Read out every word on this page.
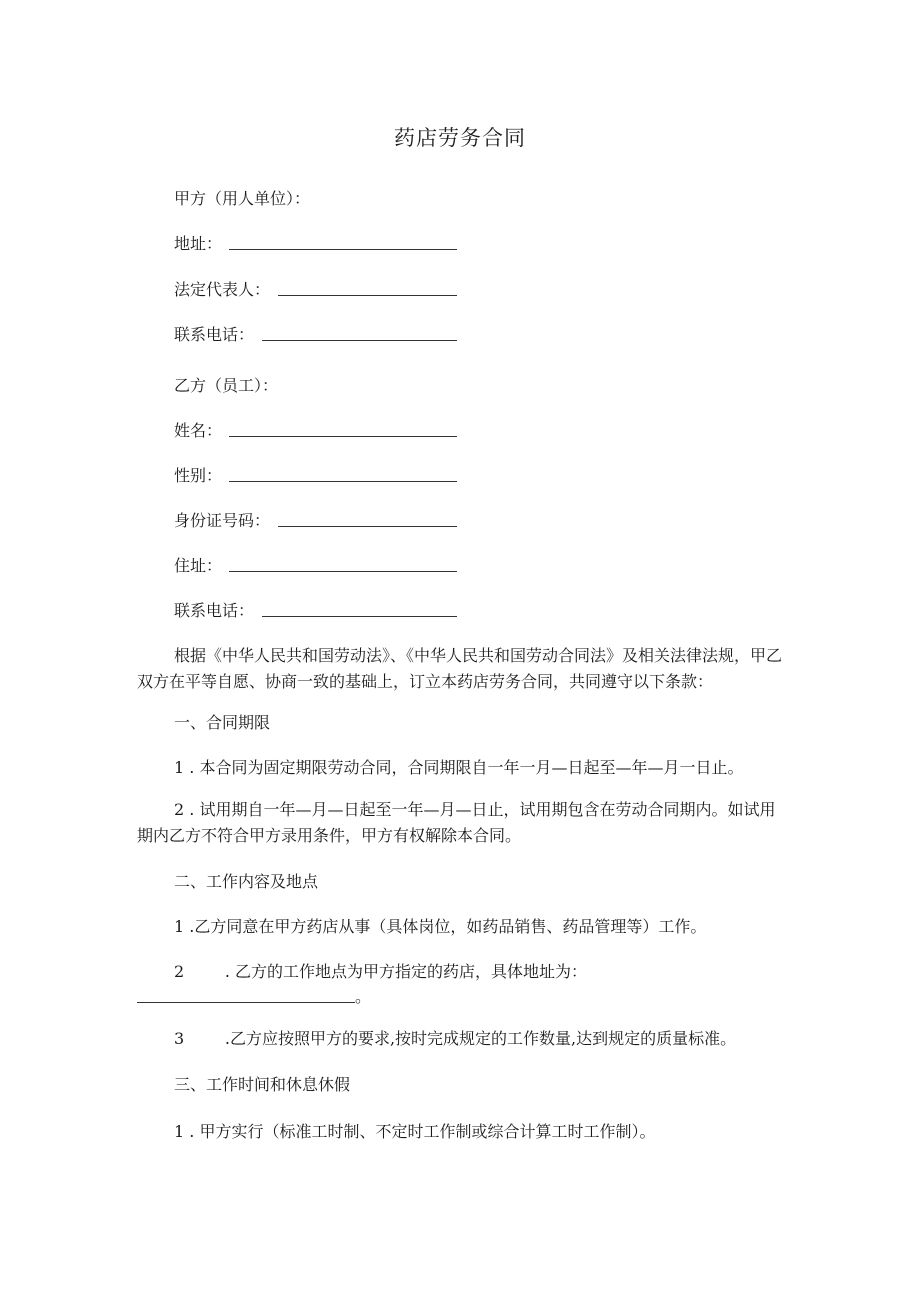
药店劳务合同
甲方（用人单位）：
地址：
法定代表人：
联系电话：
乙方（员工）：
姓名：
性别：
身份证号码：
住址：
联系电话：
根据《中华人民共和国劳动法》、《中华人民共和国劳动合同法》及相关法律法规，甲乙双方在平等自愿、协商一致的基础上，订立本药店劳务合同，共同遵守以下条款：
一、合同期限
1 . 本合同为固定期限劳动合同，合同期限自一年一月—日起至—年—月一日止。
2 . 试用期自一年—月—日起至一年—月—日止，试用期包含在劳动合同期内。如试用期内乙方不符合甲方录用条件，甲方有权解除本合同。
二、工作内容及地点
1 .乙方同意在甲方药店从事（具体岗位，如药品销售、药品管理等）工作。
2        . 乙方的工作地点为甲方指定的药店，具体地址为：
。
3        .乙方应按照甲方的要求,按时完成规定的工作数量,达到规定的质量标准。
三、工作时间和休息休假
1 . 甲方实行（标准工时制、不定时工作制或综合计算工时工作制）。
